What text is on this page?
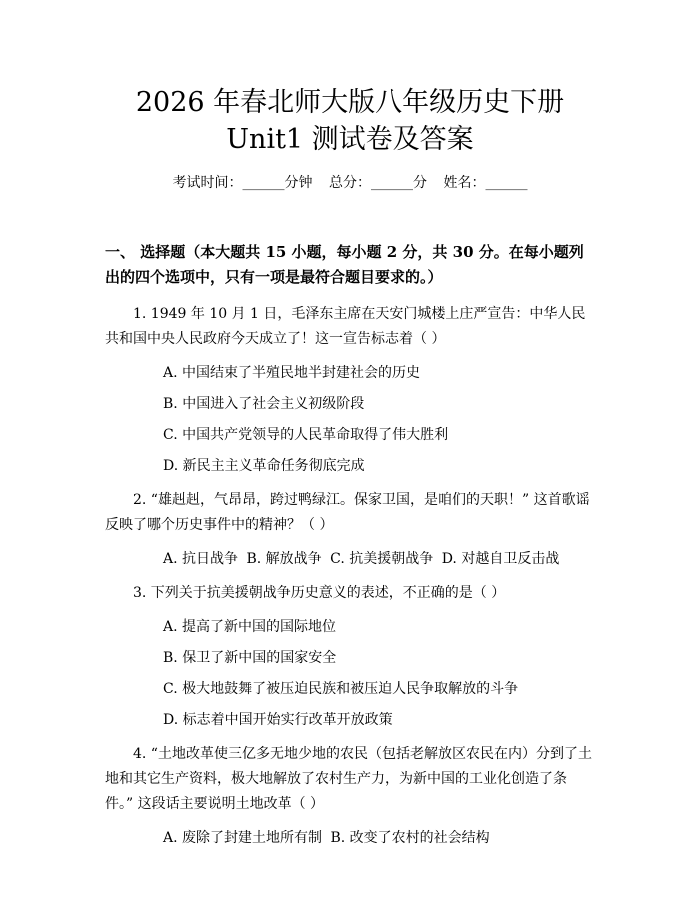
2026 年春北师大版八年级历史下册 Unit1 测试卷及答案
考试时间：______分钟 总分：______分 姓名：______
一、 选择题（本大题共 15 小题，每小题 2 分，共 30 分。在每小题列出的四个选项中，只有一项是最符合题目要求的。）
1. 1949 年 10 月 1 日，毛泽东主席在天安门城楼上庄严宣告：中华人民共和国中央人民政府今天成立了！这一宣告标志着（ ）
A. 中国结束了半殖民地半封建社会的历史
B. 中国进入了社会主义初级阶段
C. 中国共产党领导的人民革命取得了伟大胜利
D. 新民主主义革命任务彻底完成
2. “雄赳赳，气昂昂，跨过鸭绿江。保家卫国，是咱们的天职！” 这首歌谣反映了哪个历史事件中的精神？（ ）
A. 抗日战争 B. 解放战争 C. 抗美援朝战争 D. 对越自卫反击战
3. 下列关于抗美援朝战争历史意义的表述，不正确的是（ ）
A. 提高了新中国的国际地位
B. 保卫了新中国的国家安全
C. 极大地鼓舞了被压迫民族和被压迫人民争取解放的斗争
D. 标志着中国开始实行改革开放政策
4. “土地改革使三亿多无地少地的农民（包括老解放区农民在内）分到了土地和其它生产资料，极大地解放了农村生产力，为新中国的工业化创造了条件。” 这段话主要说明土地改革（ ）
A. 废除了封建土地所有制 B. 改变了农村的社会结构
